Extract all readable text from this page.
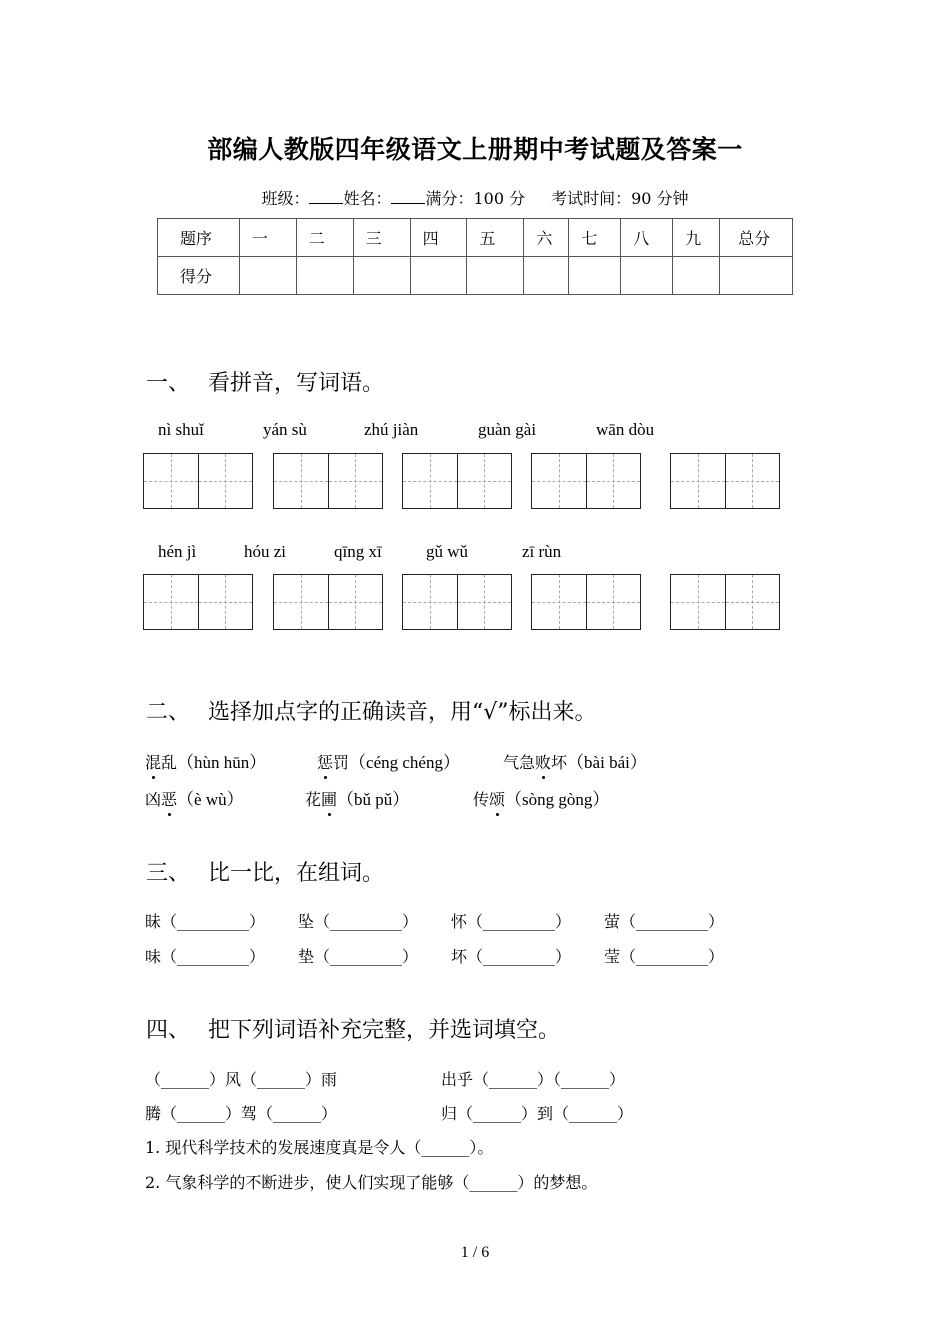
部编人教版四年级语文上册期中考试题及答案一
班级： 姓名： 满分：100 分 考试时间：90 分钟
题序	一	二	三	四	五	六	七	八	九	总分
得分										
一、 看拼音，写词语。
nì shuǐ	yán sù	zhú jiàn	guàn gài	wān dòu
hén jì	hóu zi	qīng xī	gǔ wǔ	zī rùn
二、 选择加点字的正确读音，用“√”标出来。
混乱（hùn hūn）	惩罚（céng chéng）	气急败坏（bài bái）
凶恶（è wù）	花圃（bǔ pǔ）	传颂（sòng gòng）
三、 比一比，在组词。
昧（_________） 坠（_________） 怀（_________） 萤（_________）
味（_________） 垫（_________） 坏（_________） 莹（_________）
四、 把下列词语补充完整，并选词填空。
（______）风（______）雨	出乎（______）（______）
腾（______）驾（______）	归（______）到（______）
1. 现代科学技术的发展速度真是令人（______）。
2. 气象科学的不断进步，使人们实现了能够（______）的梦想。
1 / 6
